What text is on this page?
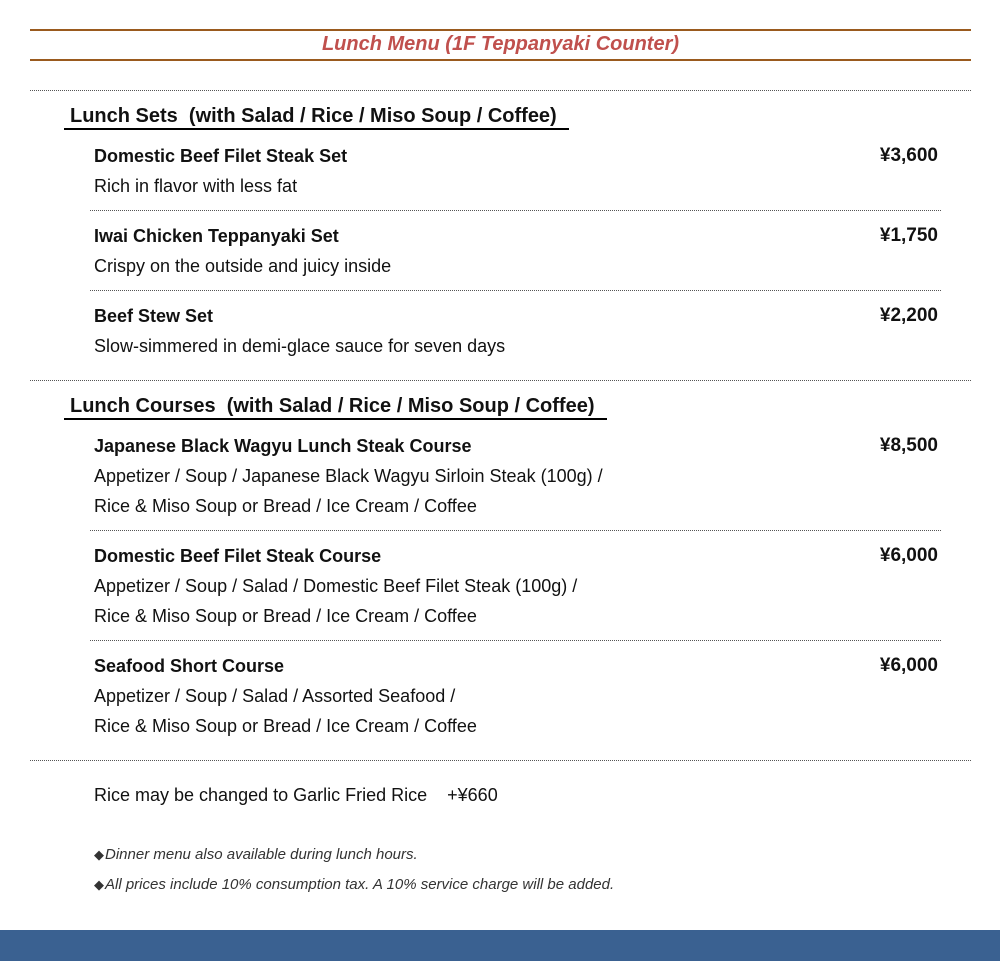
Lunch Menu (1F Teppanyaki Counter)
Lunch Sets  (with Salad / Rice / Miso Soup / Coffee)
Domestic Beef Filet Steak Set	¥3,600
Rich in flavor with less fat
Iwai Chicken Teppanyaki Set	¥1,750
Crispy on the outside and juicy inside
Beef Stew Set	¥2,200
Slow-simmered in demi-glace sauce for seven days
Lunch Courses  (with Salad / Rice / Miso Soup / Coffee)
Japanese Black Wagyu Lunch Steak Course	¥8,500
Appetizer / Soup / Japanese Black Wagyu Sirloin Steak (100g) /
Rice & Miso Soup or Bread / Ice Cream / Coffee
Domestic Beef Filet Steak Course	¥6,000
Appetizer / Soup / Salad / Domestic Beef Filet Steak (100g) /
Rice & Miso Soup or Bread / Ice Cream / Coffee
Seafood Short Course	¥6,000
Appetizer / Soup / Salad / Assorted Seafood /
Rice & Miso Soup or Bread / Ice Cream / Coffee
Rice may be changed to Garlic Fried Rice    +¥660
◆Dinner menu also available during lunch hours.
◆All prices include 10% consumption tax. A 10% service charge will be added.
